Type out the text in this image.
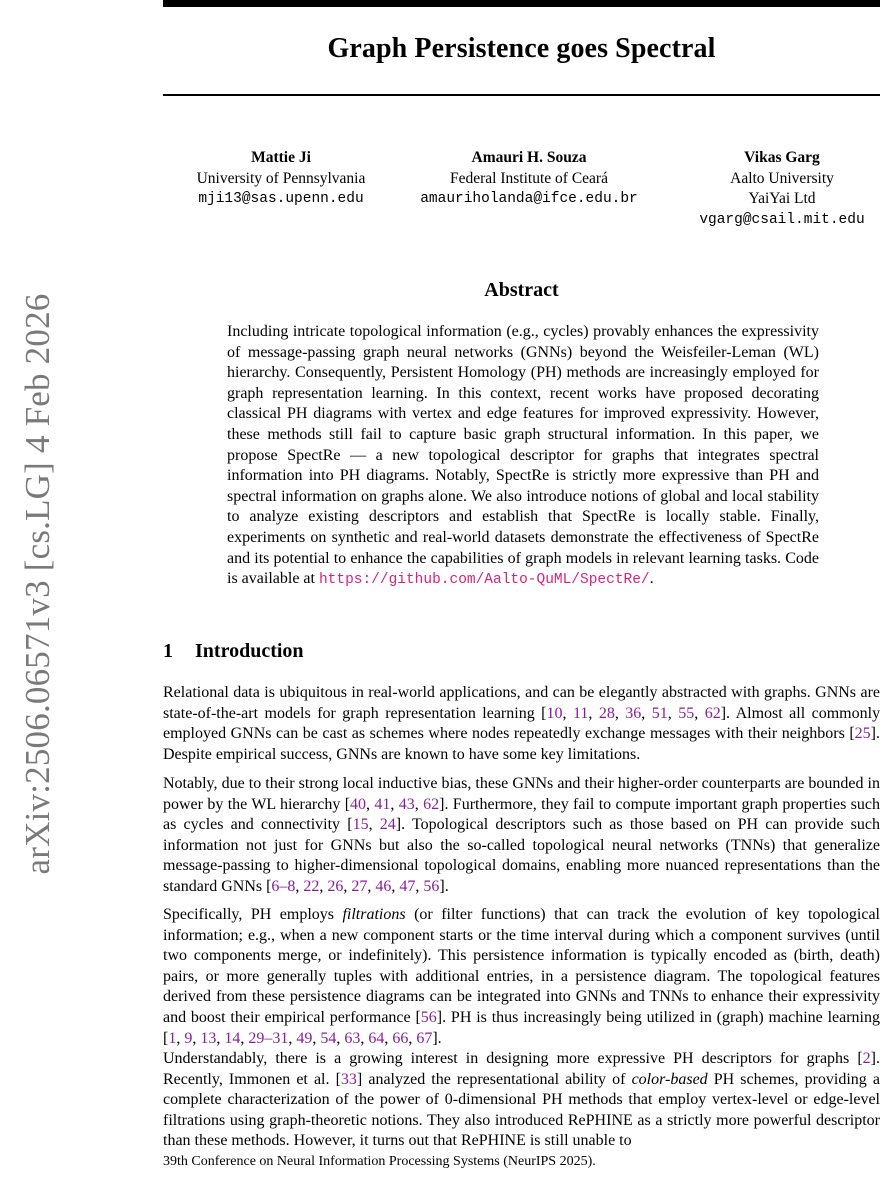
Graph Persistence goes Spectral
arXiv:2506.06571v3 [cs.LG] 4 Feb 2026
Mattie Ji
University of Pennsylvania
mji13@sas.upenn.edu
Amauri H. Souza
Federal Institute of Ceará
amauriholanda@ifce.edu.br
Vikas Garg
Aalto University
YaiYai Ltd
vgarg@csail.mit.edu
Abstract
Including intricate topological information (e.g., cycles) provably enhances the expressivity of message-passing graph neural networks (GNNs) beyond the Weisfeiler-Leman (WL) hierarchy. Consequently, Persistent Homology (PH) methods are increasingly employed for graph representation learning. In this context, recent works have proposed decorating classical PH diagrams with vertex and edge features for improved expressivity. However, these methods still fail to capture basic graph structural information. In this paper, we propose SpectRe — a new topological descriptor for graphs that integrates spectral information into PH diagrams. Notably, SpectRe is strictly more expressive than PH and spectral information on graphs alone. We also introduce notions of global and local stability to analyze existing descriptors and establish that SpectRe is locally stable. Finally, experiments on synthetic and real-world datasets demonstrate the effectiveness of SpectRe and its potential to enhance the capabilities of graph models in relevant learning tasks. Code is available at https://github.com/Aalto-QuML/SpectRe/.
1 Introduction

Relational data is ubiquitous in real-world applications, and can be elegantly abstracted with graphs. GNNs are state-of-the-art models for graph representation learning [10, 11, 28, 36, 51, 55, 62]. Almost all commonly employed GNNs can be cast as schemes where nodes repeatedly exchange messages with their neighbors [25]. Despite empirical success, GNNs are known to have some key limitations.

Notably, due to their strong local inductive bias, these GNNs and their higher-order counterparts are bounded in power by the WL hierarchy [40, 41, 43, 62]. Furthermore, they fail to compute important graph properties such as cycles and connectivity [15, 24]. Topological descriptors such as those based on PH can provide such information not just for GNNs but also the so-called topological neural networks (TNNs) that generalize message-passing to higher-dimensional topological domains, enabling more nuanced representations than the standard GNNs [6–8, 22, 26, 27, 46, 47, 56].

Specifically, PH employs filtrations (or filter functions) that can track the evolution of key topological information; e.g., when a new component starts or the time interval during which a component survives (until two components merge, or indefinitely). This persistence information is typically encoded as (birth, death) pairs, or more generally tuples with additional entries, in a persistence diagram. The topological features derived from these persistence diagrams can be integrated into GNNs and TNNs to enhance their expressivity and boost their empirical performance [56]. PH is thus increasingly being utilized in (graph) machine learning [1, 9, 13, 14, 29–31, 49, 54, 63, 64, 66, 67].

Understandably, there is a growing interest in designing more expressive PH descriptors for graphs [2]. Recently, Immonen et al. [33] analyzed the representational ability of color-based PH schemes, providing a complete characterization of the power of 0-dimensional PH methods that employ vertex-level or edge-level filtrations using graph-theoretic notions. They also introduced RePHINE as a strictly more powerful descriptor than these methods. However, it turns out that RePHINE is still unable to

39th Conference on Neural Information Processing Systems (NeurIPS 2025).
